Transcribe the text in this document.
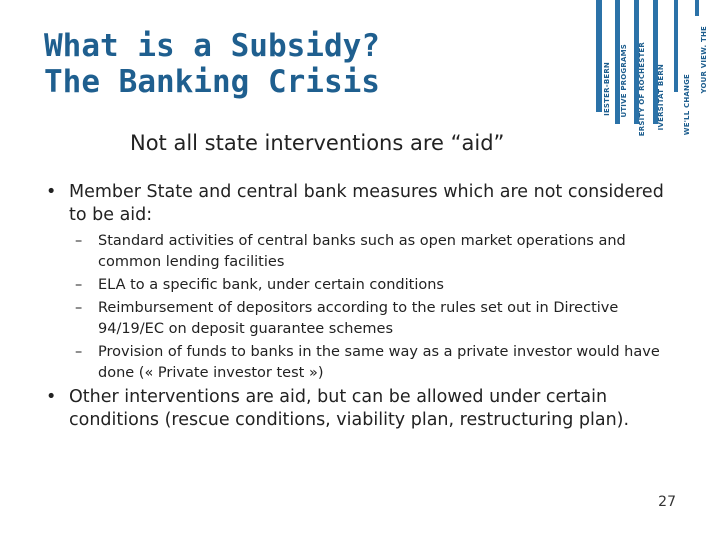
What is a Subsidy?
The Banking Crisis	IESTER-BERN UTIVE PROGRAMS ERSITY OF ROCHESTER IVERSITAT BERN	WE'LL CHANGE
YOUR VIEW. THE

Not all state interventions are “aid”

• Member State and central bank measures which are not considered to be aid:
– Standard activities of central banks such as open market operations and common lending facilities
– ELA to a specific bank, under certain conditions
– Reimbursement of depositors according to the rules set out in Directive 94/19/EC on deposit guarantee schemes
– Provision of funds to banks in the same way as a private investor would have done (« Private investor test »)
• Other interventions are aid, but can be allowed under certain conditions (rescue conditions, viability plan, restructuring plan).
27
